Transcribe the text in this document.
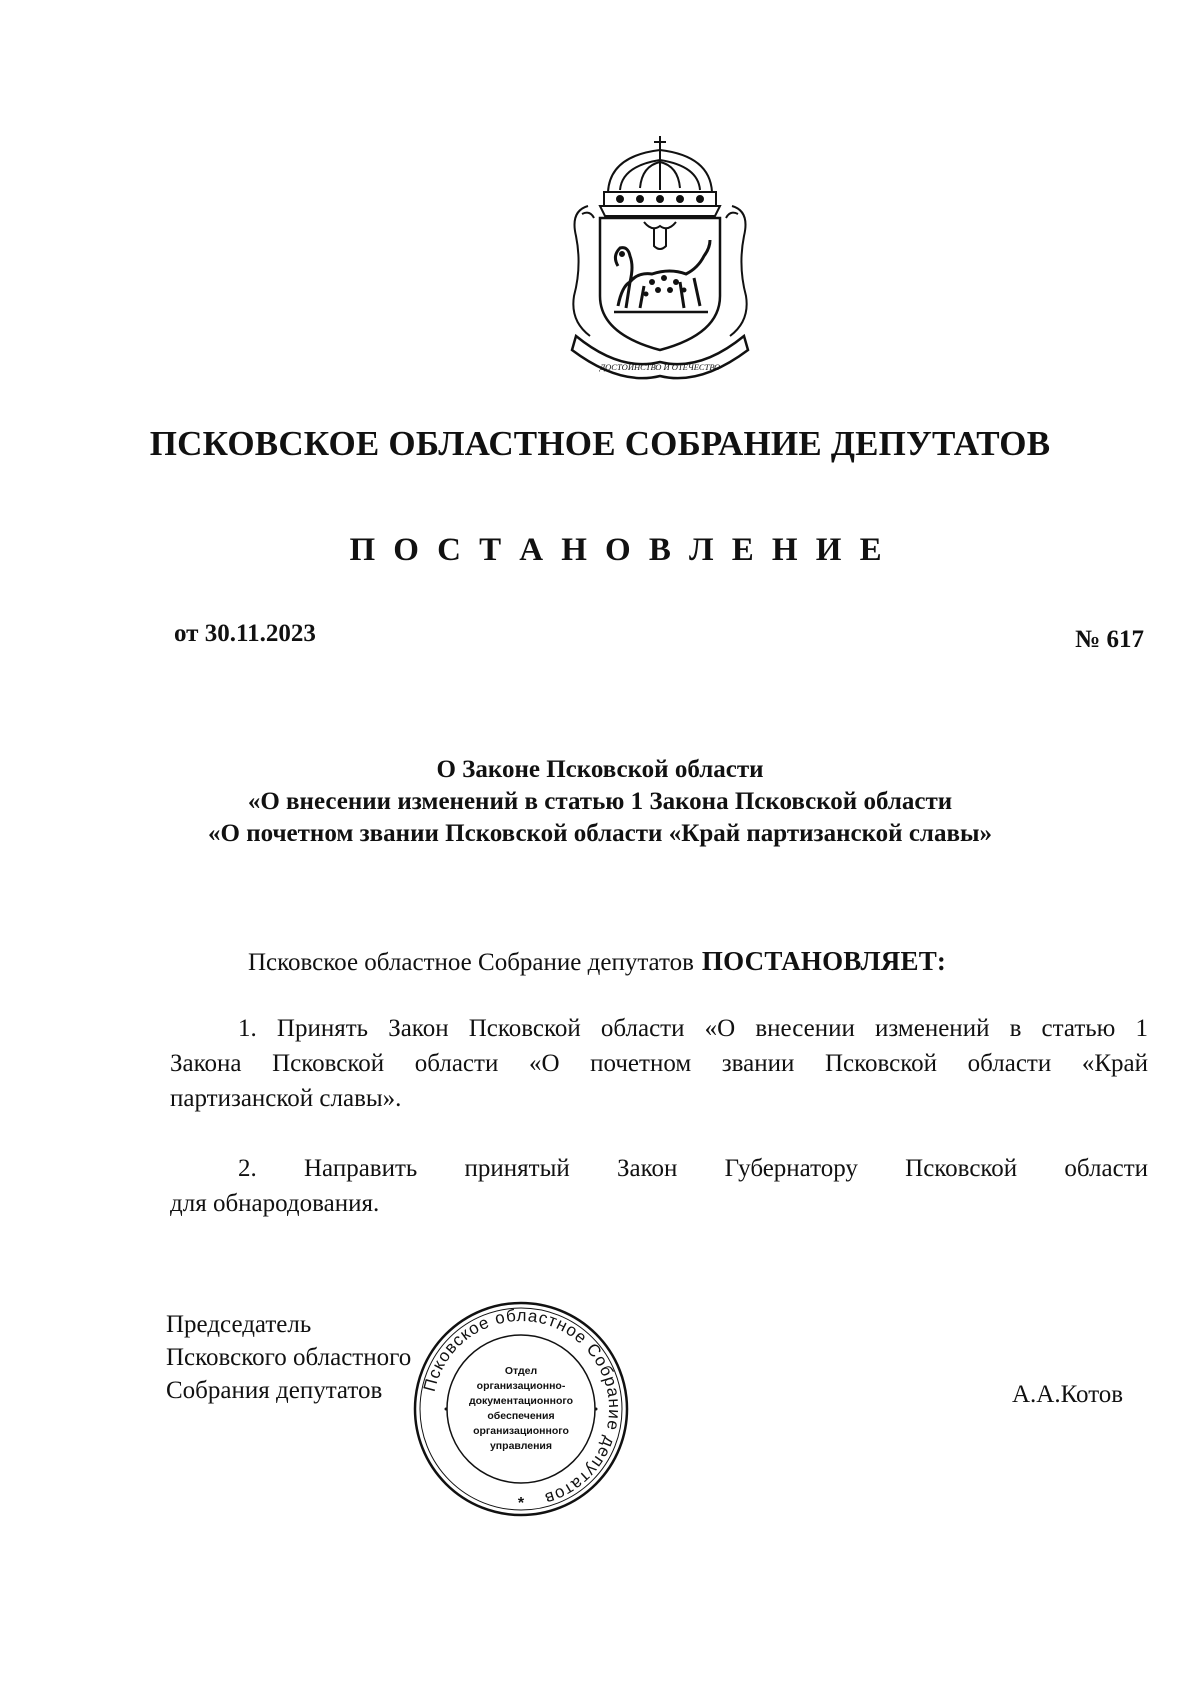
ДОСТОИНСТВО И ОТЕЧЕСТВО
ПСКОВСКОЕ ОБЛАСТНОЕ СОБРАНИЕ ДЕПУТАТОВ
П О С Т А Н О В Л Е Н И Е
от 30.11.2023	№ 617
О Законе Псковской области
«О внесении изменений в статью 1 Закона Псковской области
«О почетном звании Псковской области «Край партизанской славы»
Псковское областное Собрание депутатов ПОСТАНОВЛЯЕТ:
1. Принять Закон Псковской области «О внесении изменений в статью 1
Закона Псковской области «О почетном звании Псковской области «Край
партизанской славы».
2. Направить принятый Закон Губернатору Псковской области
для обнародования.
Председатель
Псковского областного
Собрания депутатов	А.А.Котов
Псковское областное Собрание депутатов
Отдел
организационно-
документационного
обеспечения
организационного
управления
*
